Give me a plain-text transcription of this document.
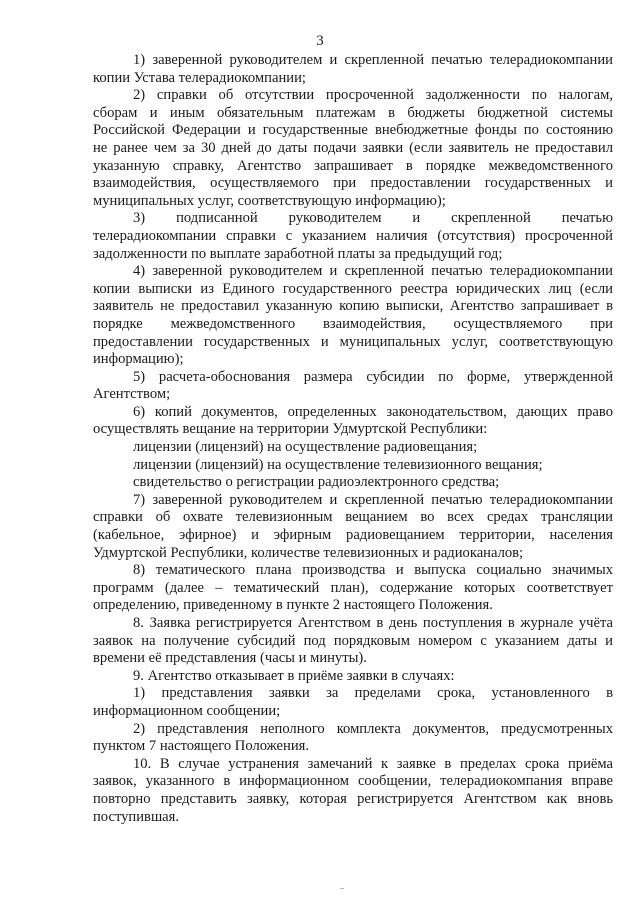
3
1) заверенной руководителем и скрепленной печатью телерадиокомпании
копии Устава телерадиокомпании;
2) справки об отсутствии просроченной задолженности по налогам,
сборам и иным обязательным платежам в бюджеты бюджетной системы
Российской Федерации и государственные внебюджетные фонды по состоянию
не ранее чем за 30 дней до даты подачи заявки (если заявитель не предоставил
указанную справку, Агентство запрашивает в порядке межведомственного
взаимодействия, осуществляемого при предоставлении государственных и
муниципальных услуг, соответствующую информацию);
3) подписанной руководителем и скрепленной печатью
телерадиокомпании справки с указанием наличия (отсутствия) просроченной
задолженности по выплате заработной платы за предыдущий год;
4) заверенной руководителем и скрепленной печатью телерадиокомпании
копии выписки из Единого государственного реестра юридических лиц (если
заявитель не предоставил указанную копию выписки, Агентство запрашивает в
порядке межведомственного взаимодействия, осуществляемого при
предоставлении государственных и муниципальных услуг, соответствующую
информацию);
5) расчета-обоснования размера субсидии по форме, утвержденной
Агентством;
6) копий документов, определенных законодательством, дающих право
осуществлять вещание на территории Удмуртской Республики:
лицензии (лицензий) на осуществление радиовещания;
лицензии (лицензий) на осуществление телевизионного вещания;
свидетельство о регистрации радиоэлектронного средства;
7) заверенной руководителем и скрепленной печатью телерадиокомпании
справки об охвате телевизионным вещанием во всех средах трансляции
(кабельное, эфирное) и эфирным радиовещанием территории, населения
Удмуртской Республики, количестве телевизионных и радиоканалов;
8) тематического плана производства и выпуска социально значимых
программ (далее – тематический план), содержание которых соответствует
определению, приведенному в пункте 2 настоящего Положения.
8. Заявка регистрируется Агентством в день поступления в журнале учёта
заявок на получение субсидий под порядковым номером с указанием даты и
времени её представления (часы и минуты).
9. Агентство отказывает в приёме заявки в случаях:
1) представления заявки за пределами срока, установленного в
информационном сообщении;
2) представления неполного комплекта документов, предусмотренных
пунктом 7 настоящего Положения.
10. В случае устранения замечаний к заявке в пределах срока приёма
заявок, указанного в информационном сообщении, телерадиокомпания вправе
повторно представить заявку, которая регистрируется Агентством как вновь
поступившая.
